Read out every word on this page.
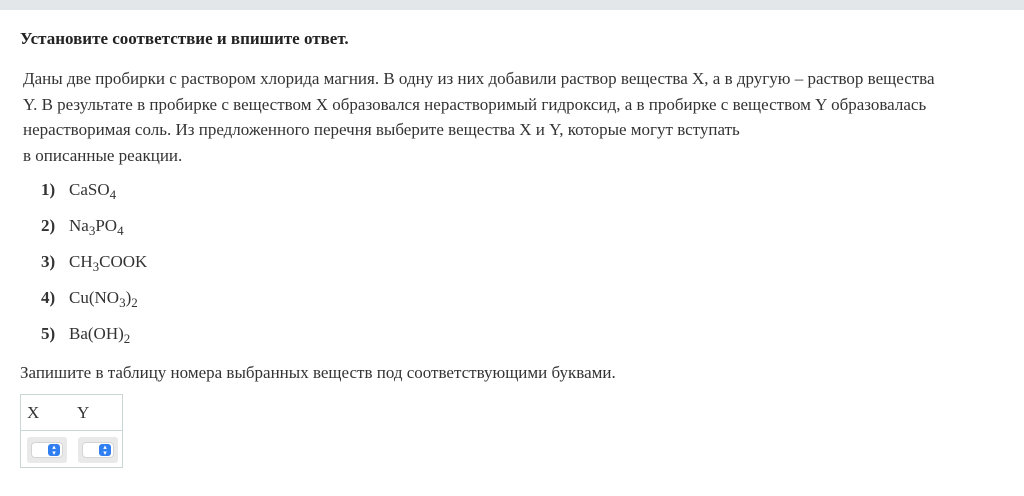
Установите соответствие и впишите ответ.
Даны две пробирки с раствором хлорида магния. В одну из них добавили раствор вещества X, а в другую – раствор вещества
Y. В результате в пробирке с веществом X образовался нерастворимый гидроксид, а в пробирке с веществом Y образовалась
нерастворимая соль. Из предложенного перечня выберите вещества X и Y, которые могут вступать
в описанные реакции.
1) CaSO$_4$
2) $Na_3PO_4$
3) $CH_3COOK$
4) $Cu(NO_3)_2$
5) $Ba(OH)_2$
Запишите в таблицу номера выбранных веществ под соответствующими буквами.
X Y
▴
▾
▴
▾
